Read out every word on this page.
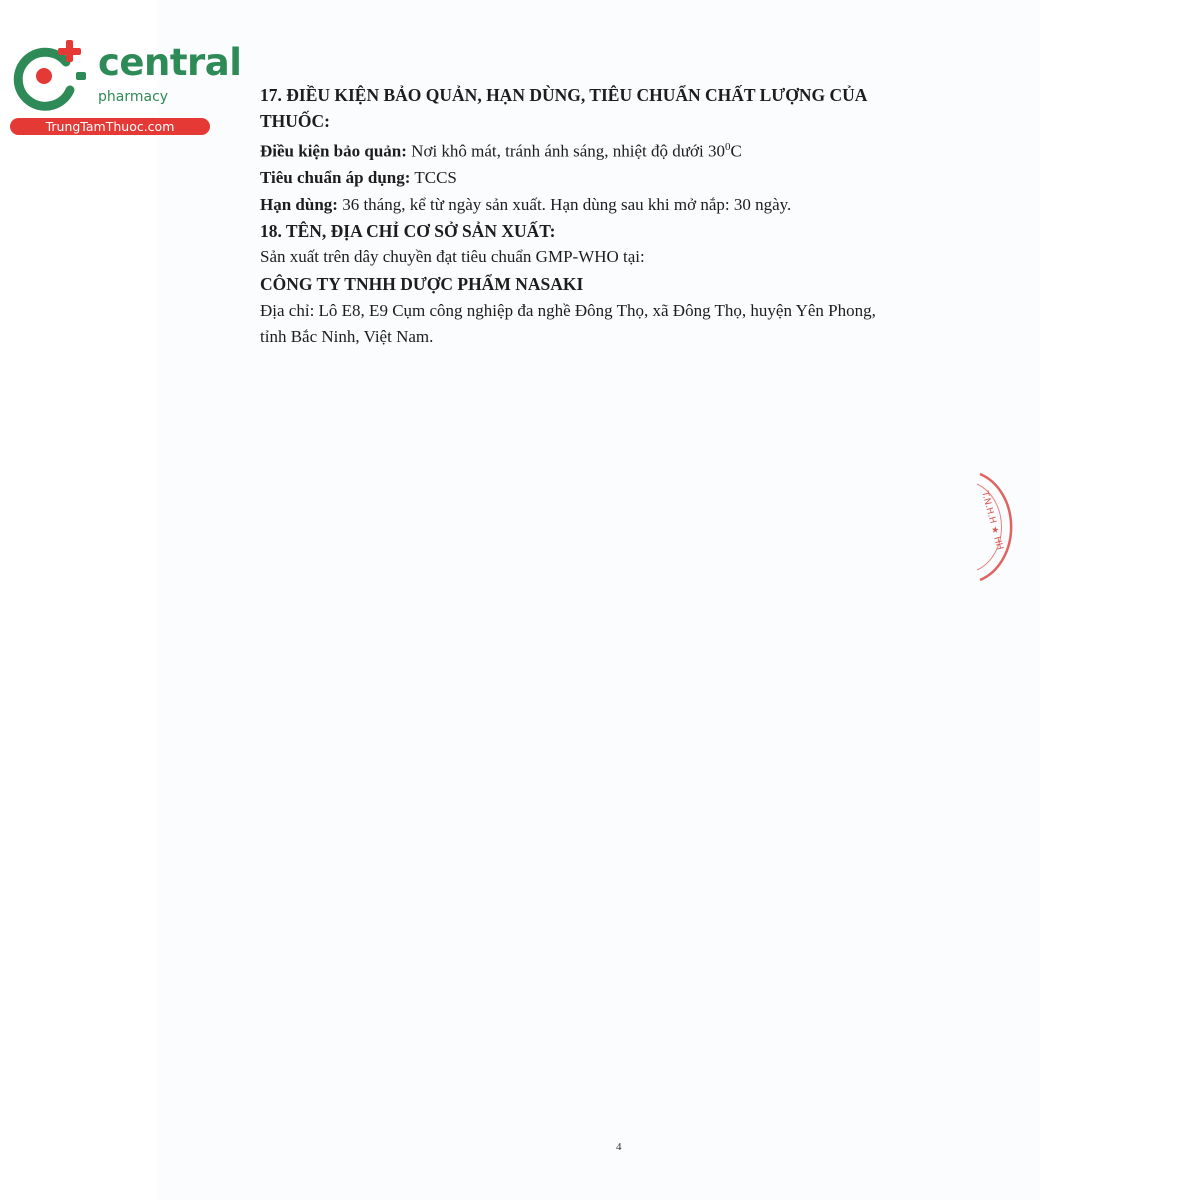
central
pharmacy
TrungTamThuoc.com

17. ĐIỀU KIỆN BẢO QUẢN, HẠN DÙNG, TIÊU CHUẨN CHẤT LƯỢNG CỦA
THUỐC:

Điều kiện bảo quản: Nơi khô mát, tránh ánh sáng, nhiệt độ dưới $30^0C$

Tiêu chuẩn áp dụng: TCCS

Hạn dùng: 36 tháng, kể từ ngày sản xuất. Hạn dùng sau khi mở nắp: 30 ngày.

18. TÊN, ĐỊA CHỈ CƠ SỞ SẢN XUẤT:

Sản xuất trên dây chuyền đạt tiêu chuẩn GMP-WHO tại:

CÔNG TY TNHH DƯỢC PHẨM NASAKI

Địa chỉ: Lô E8, E9 Cụm công nghiệp đa nghề Đông Thọ, xã Đông Thọ, huyện Yên Phong,

tỉnh Bắc Ninh, Việt Nam.

T.N.H.H ★ HH
4
